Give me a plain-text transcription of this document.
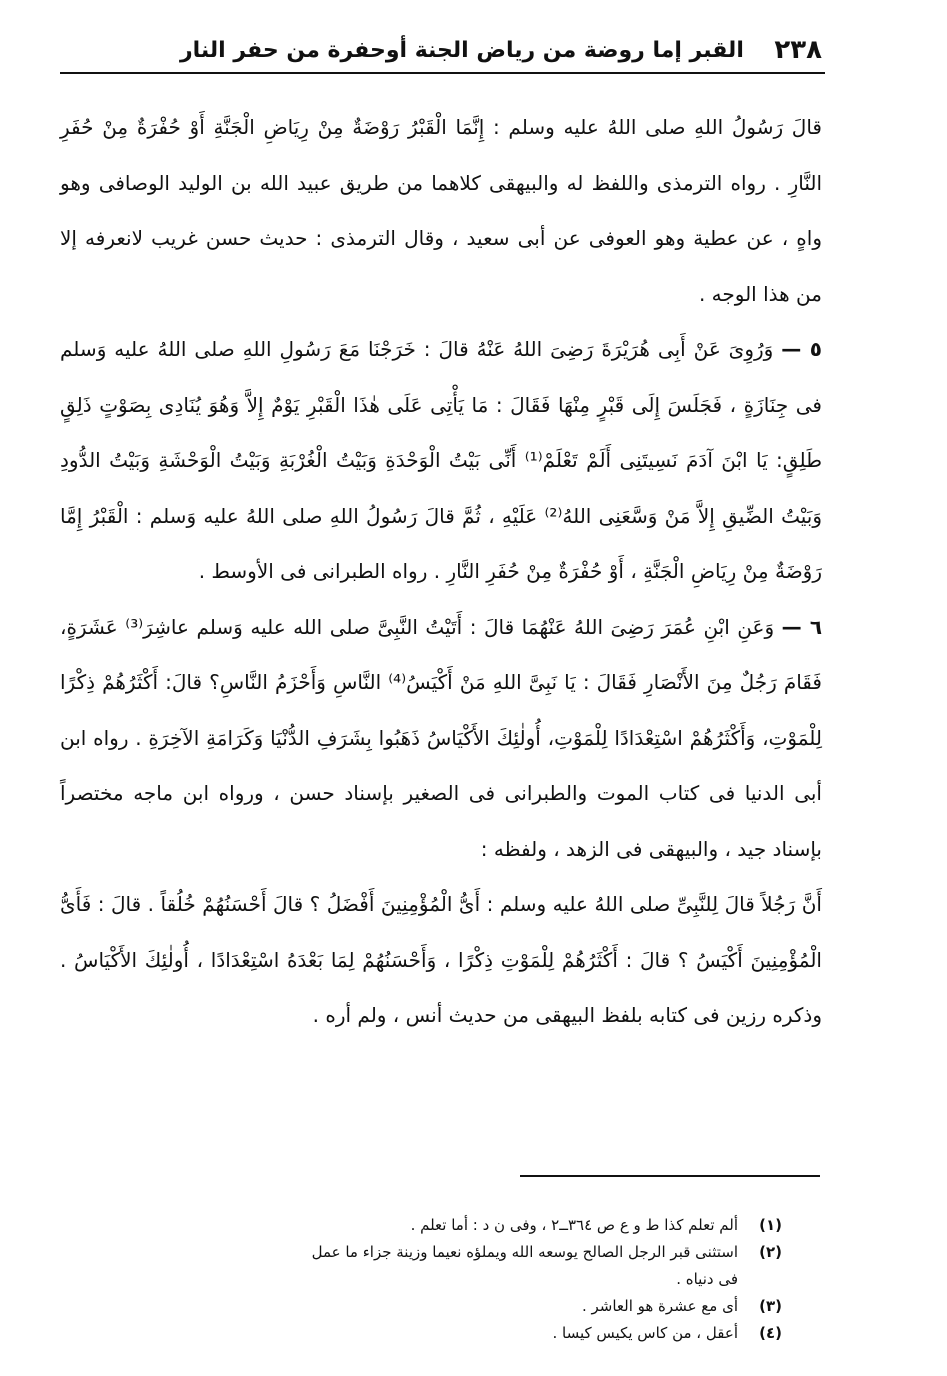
٢٣٨
القبر إما روضة من رياض الجنة أوحفرة من حفر النار

قالَ رَسُولُ اللهِ صلى اللهُ عليه وسلم : إِنَّمَا الْقَبْرُ رَوْضَةٌ مِنْ رِيَاضِ الْجَنَّةِ أَوْ حُفْرَةٌ مِنْ حُفَرِ النَّارِ . رواه الترمذى واللفظ له والبيهقى كلاهما من طريق عبيد الله بن الوليد الوصافى وهو واهٍ ، عن عطية وهو العوفى عن أبى سعيد ، وقال الترمذى : حديث حسن غريب لانعرفه إلا من هذا الوجه .

٥ — وَرُوِىَ عَنْ أَبِى هُرَيْرَةَ رَضِىَ اللهُ عَنْهُ قالَ : خَرَجْنَا مَعَ رَسُولِ اللهِ صلى اللهُ عليه وَسلم فى جِنَازَةٍ ، فَجَلَسَ إِلَى قَبْرٍ مِنْهَا فَقَالَ : مَا يَأْتِى عَلَى هٰذَا الْقَبْرِ يَوْمٌ إِلاَّ وَهُوَ يُنَادِى بِصَوْتٍ ذَلِقٍ طَلِقٍ: يَا ابْنَ آدَمَ نَسِيتَنِى أَلَمْ تَعْلَمْ⁽¹⁾ أَنِّى بَيْتُ الْوَحْدَةِ وَبَيْتُ الْغُرْبَةِ وَبَيْتُ الْوَحْشَةِ وَبَيْتُ الدُّودِ وَبَيْتُ الضِّيقِ إِلاَّ مَنْ وَسَّعَنِى اللهُ⁽²⁾ عَلَيْهِ ، ثُمَّ قالَ رَسُولُ اللهِ صلى اللهُ عليه وَسلم : الْقَبْرُ إِمَّا رَوْضَةٌ مِنْ رِيَاضِ الْجَنَّةِ ، أَوْ حُفْرَةٌ مِنْ حُفَرِ النَّارِ . رواه الطبرانى فى الأوسط .

٦ — وَعَنِ ابْنِ عُمَرَ رَضِىَ اللهُ عَنْهُمَا قالَ : أَتَيْتُ النَّبِىَّ صلى الله عليه وَسلم عاشِرَ⁽³⁾ عَشَرَةٍ، فَقَامَ رَجُلٌ مِنَ الأَنْصَارِ فَقَالَ : يَا نَبِىَّ اللهِ مَنْ أَكْيَسُ⁽⁴⁾ النَّاسِ وَأَحْزَمُ النَّاسِ؟ قالَ: أَكْثَرُهُمْ ذِكْرًا لِلْمَوْتِ، وَأَكْثَرُهُمْ اسْتِعْدَادًا لِلْمَوْتِ، أُولٰئِكَ الأَكْيَاسُ ذَهَبُوا بِشَرَفِ الدُّنْيَا وَكَرَامَةِ الآخِرَةِ . رواه ابن أبى الدنيا فى كتاب الموت والطبرانى فى الصغير بإسناد حسن ، ورواه ابن ماجه مختصراً بإسناد جيد ، والبيهقى فى الزهد ، ولفظه :

أَنَّ رَجُلاً قالَ لِلنَّبِىِّ صلى اللهُ عليه وسلم : أَىُّ الْمُؤْمِنِينَ أَفْضَلُ ؟ قالَ أَحْسَنُهُمْ خُلُقاً . قالَ : فَأَىُّ الْمُؤْمِنِينَ أَكْيَسُ ؟ قالَ : أَكْثَرُهُمْ لِلْمَوْتِ ذِكْرًا ، وَأَحْسَنُهُمْ لِمَا بَعْدَهُ اسْتِعْدَادًا ، أُولٰئِكَ الأَكْيَاسُ . وذكره رزين فى كتابه بلفظ البيهقى من حديث أنس ، ولم أره .

(١)
ألم تعلم كذا ط و ع ص ٣٦٤ــ٢ ، وفى ن د : أما تعلم .
(٢)
استثنى قبر الرجل الصالح يوسعه الله ويملؤه نعيما وزينة جزاء ما عمل فى دنياه .
(٣)
أى مع عشرة هو العاشر .
(٤)
أعقل ، من كاس يكيس كيسا .
